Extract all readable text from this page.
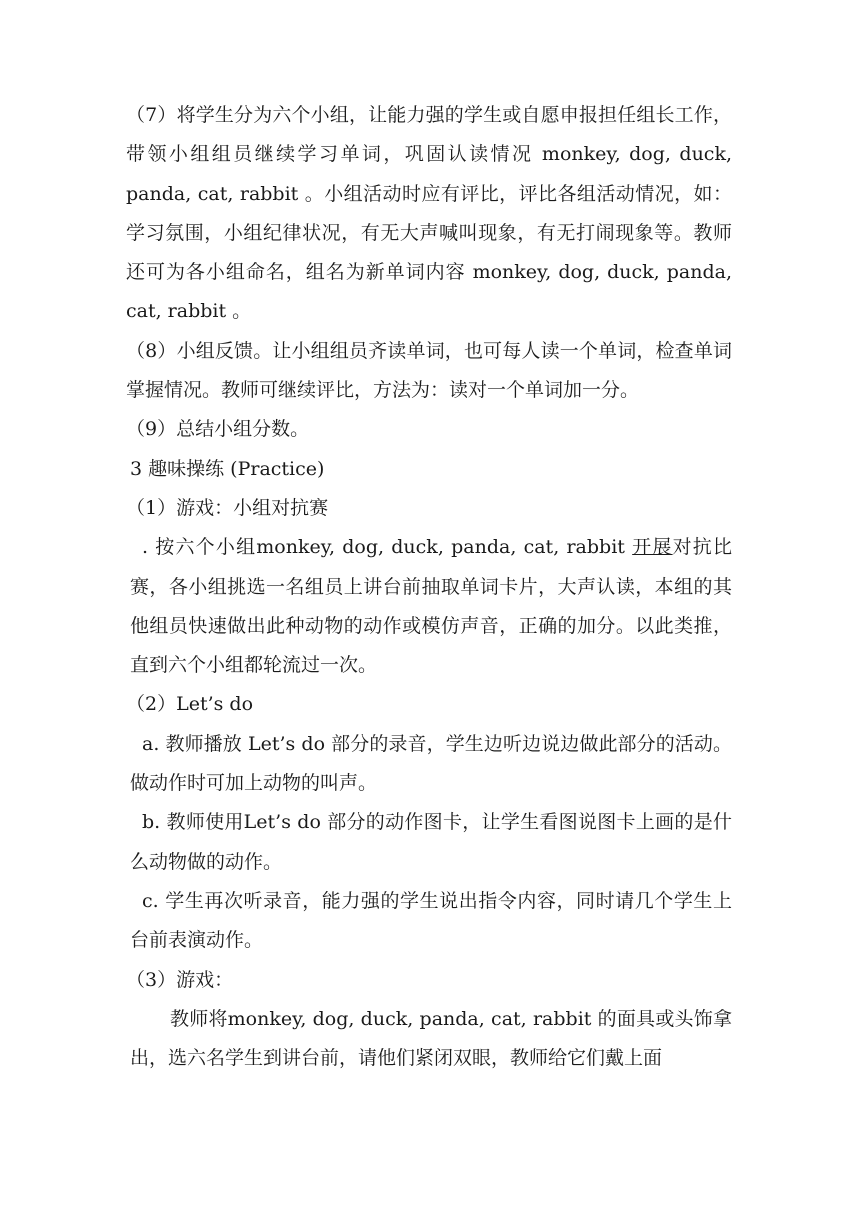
（7）将学生分为六个小组，让能力强的学生或自愿申报担任组长工作，带领小组组员继续学习单词，巩固认读情况 monkey, dog, duck, panda, cat, rabbit 。小组活动时应有评比，评比各组活动情况，如：学习氛围，小组纪律状况，有无大声喊叫现象，有无打闹现象等。教师还可为各小组命名，组名为新单词内容 monkey, dog, duck, panda, cat, rabbit 。

（8）小组反馈。让小组组员齐读单词，也可每人读一个单词，检查单词掌握情况。教师可继续评比，方法为：读对一个单词加一分。

（9）总结小组分数。

3 趣味操练 (Practice)

（1）游戏：小组对抗赛

. 按六个小组monkey, dog, duck, panda, cat, rabbit 开展对抗比赛，各小组挑选一名组员上讲台前抽取单词卡片，大声认读，本组的其他组员快速做出此种动物的动作或模仿声音，正确的加分。以此类推，直到六个小组都轮流过一次。

（2）Let’s do

a. 教师播放 Let’s do 部分的录音，学生边听边说边做此部分的活动。做动作时可加上动物的叫声。

b. 教师使用Let’s do 部分的动作图卡，让学生看图说图卡上画的是什么动物做的动作。

c. 学生再次听录音，能力强的学生说出指令内容，同时请几个学生上台前表演动作。

（3）游戏：

教师将monkey, dog, duck, panda, cat, rabbit 的面具或头饰拿出，选六名学生到讲台前，请他们紧闭双眼，教师给它们戴上面
